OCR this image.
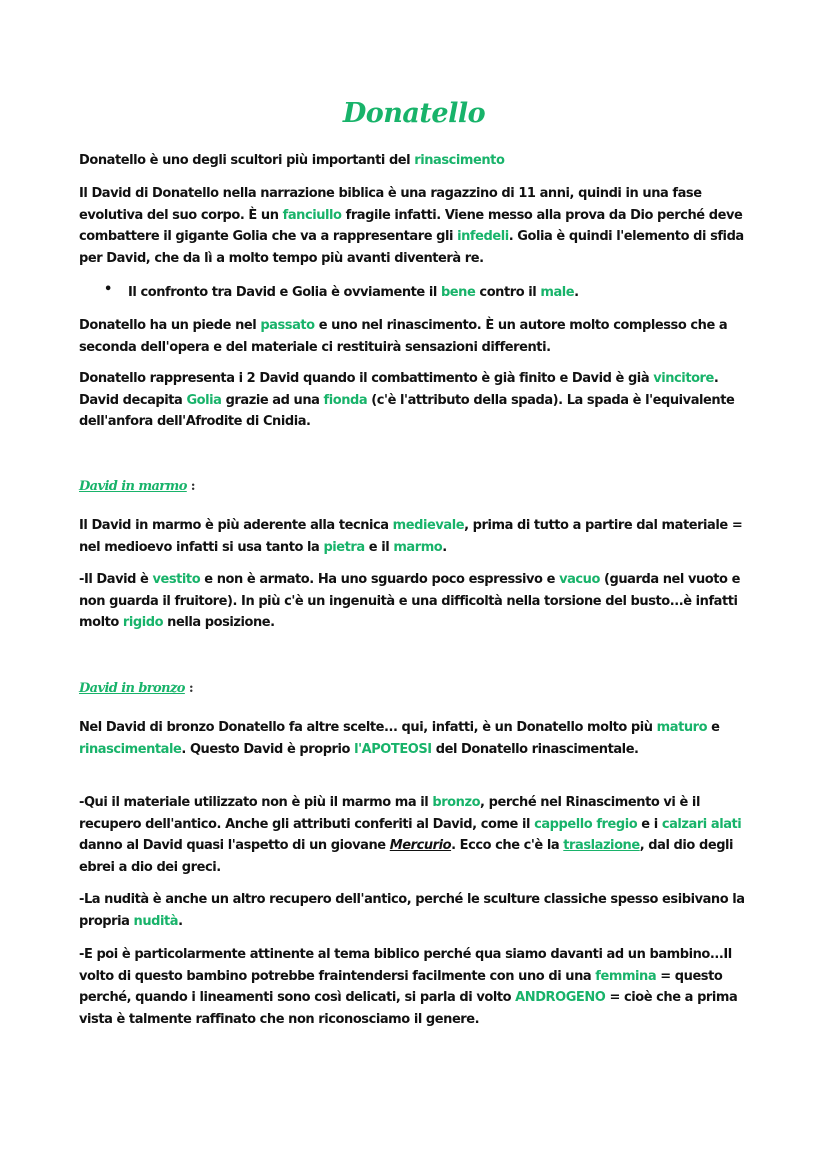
Donatello

Donatello è uno degli scultori più importanti del rinascimento

Il David di Donatello nella narrazione biblica è una ragazzino di 11 anni, quindi in una fase evolutiva del suo corpo. È un fanciullo fragile infatti. Viene messo alla prova da Dio perché deve combattere il gigante Golia che va a rappresentare gli infedeli. Golia è quindi l'elemento di sfida per David, che da lì a molto tempo più avanti diventerà re.

• Il confronto tra David e Golia è ovviamente il bene contro il male.

Donatello ha un piede nel passato e uno nel rinascimento. È un autore molto complesso che a seconda dell'opera e del materiale ci restituirà sensazioni differenti.

Donatello rappresenta i 2 David quando il combattimento è già finito e David è già vincitore. David decapita Golia grazie ad una fionda (c'è l'attributo della spada). La spada è l'equivalente dell'anfora dell'Afrodite di Cnidia.

David in marmo :

Il David in marmo è più aderente alla tecnica medievale, prima di tutto a partire dal materiale = nel medioevo infatti si usa tanto la pietra e il marmo.

-Il David è vestito e non è armato. Ha uno sguardo poco espressivo e vacuo (guarda nel vuoto e non guarda il fruitore). In più c'è un ingenuità e una difficoltà nella torsione del busto...è infatti molto rigido nella posizione.

David in bronzo :

Nel David di bronzo Donatello fa altre scelte... qui, infatti, è un Donatello molto più maturo e rinascimentale. Questo David è proprio l'APOTEOSI del Donatello rinascimentale.

-Qui il materiale utilizzato non è più il marmo ma il bronzo, perché nel Rinascimento vi è il recupero dell'antico. Anche gli attributi conferiti al David, come il cappello fregio e i calzari alati danno al David quasi l'aspetto di un giovane Mercurio. Ecco che c'è la traslazione, dal dio degli ebrei a dio dei greci.

-La nudità è anche un altro recupero dell'antico, perché le sculture classiche spesso esibivano la propria nudità.

-E poi è particolarmente attinente al tema biblico perché qua siamo davanti ad un bambino...Il volto di questo bambino potrebbe fraintendersi facilmente con uno di una femmina = questo perché, quando i lineamenti sono così delicati, si parla di volto ANDROGENO = cioè che a prima vista è talmente raffinato che non riconosciamo il genere.
